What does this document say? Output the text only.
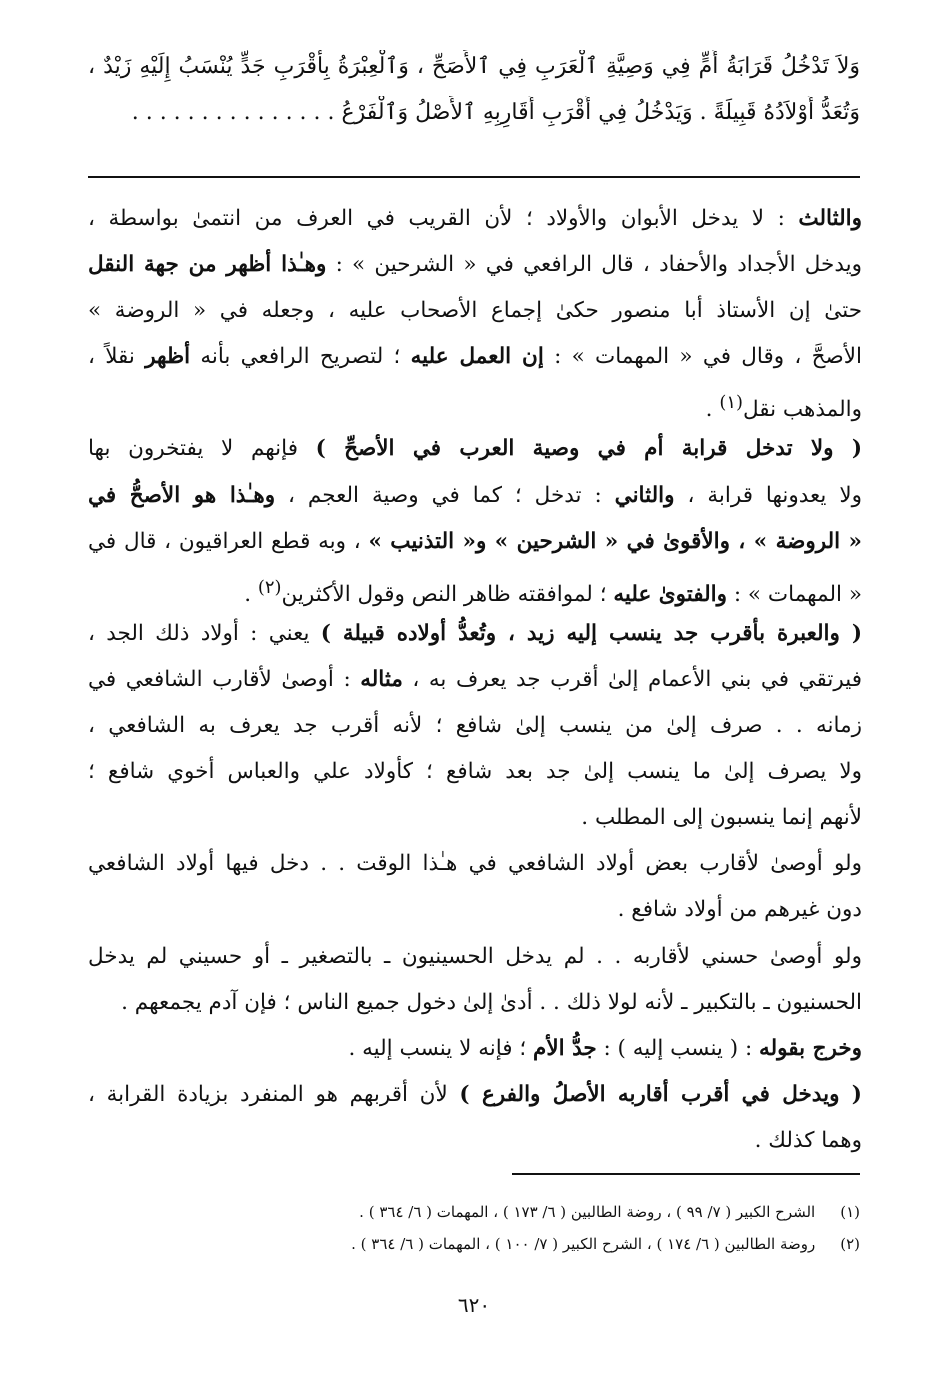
وَلاَ تَدْخُلُ قَرَابَةُ أُمٍّ فِي وَصِيَّةِ ٱلْعَرَبِ فِي ٱلأَصَحِّ ، وَٱلْعِبْرَةُ بِأَقْرَبِ جَدٍّ يُنْسَبُ إِلَيْهِ زَيْدٌ ،
وَتُعَدُّ أَوْلاَدُهُ قَبِيلَةً . وَيَدْخُلُ فِي أَقْرَبِ أَقَارِبِهِ ٱلأَصْلُ وَٱلْفَرْعُ . . . . . . . . . . . . . . .
والثالث : لا يدخل الأبوان والأولاد ؛ لأن القريب في العرف من انتمىٰ بواسطة ،
ويدخل الأجداد والأحفاد ، قال الرافعي في « الشرحين » : وهـٰذا أظهر من جهة النقل
حتىٰ إن الأستاذ أبا منصور حكىٰ إجماع الأصحاب عليه ، وجعله في « الروضة »
الأصحَّ ، وقال في « المهمات » : إن العمل عليه ؛ لتصريح الرافعي بأنه أظهر نقلاً ،
والمذهب نقل$^{(١)}$ .
( ولا تدخل قرابة أم في وصية العرب في الأصحِّ ) فإنهم لا يفتخرون بها
ولا يعدونها قرابة ، والثاني : تدخل ؛ كما في وصية العجم ، وهـٰذا هو الأصحُّ في
« الروضة » ، والأقوىٰ في « الشرحين » و« التذنيب » ، وبه قطع العراقيون ، قال في
« المهمات » : والفتوىٰ عليه ؛ لموافقته ظاهر النص وقول الأكثرين$^{(٢)}$ .
( والعبرة بأقرب جد ينسب إليه زيد ، وتُعدُّ أولاده قبيلة ) يعني : أولاد ذلك الجد ،
فيرتقي في بني الأعمام إلىٰ أقرب جد يعرف به ، مثاله : أوصىٰ لأقارب الشافعي في
زمانه . . صرف إلىٰ من ينسب إلىٰ شافع ؛ لأنه أقرب جد يعرف به الشافعي ،
ولا يصرف إلىٰ ما ينسب إلىٰ جد بعد شافع ؛ كأولاد علي والعباس أخوي شافع ؛
لأنهم إنما ينسبون إلى المطلب .
ولو أوصىٰ لأقارب بعض أولاد الشافعي في هـٰذا الوقت . . دخل فيها أولاد الشافعي
دون غيرهم من أولاد شافع .
ولو أوصىٰ حسني لأقاربه . . لم يدخل الحسينيون ـ بالتصغير ـ أو حسيني لم يدخل
الحسنيون ـ بالتكبير ـ لأنه لولا ذلك . . أدىٰ إلىٰ دخول جميع الناس ؛ فإن آدم يجمعهم .
وخرج بقوله : ( ينسب إليه ) : جدُّ الأم ؛ فإنه لا ينسب إليه .
( ويدخل في أقرب أقاربه الأصلُ والفرع ) لأن أقربهم هو المنفرد بزيادة القرابة ،
وهما كذلك .
(١) الشرح الكبير ( ٧/ ٩٩ ) ، روضة الطالبين ( ٦/ ١٧٣ ) ، المهمات ( ٦/ ٣٦٤ ) .
(٢) روضة الطالبين ( ٦/ ١٧٤ ) ، الشرح الكبير ( ٧/ ١٠٠ ) ، المهمات ( ٦/ ٣٦٤ ) .
٦٢٠
